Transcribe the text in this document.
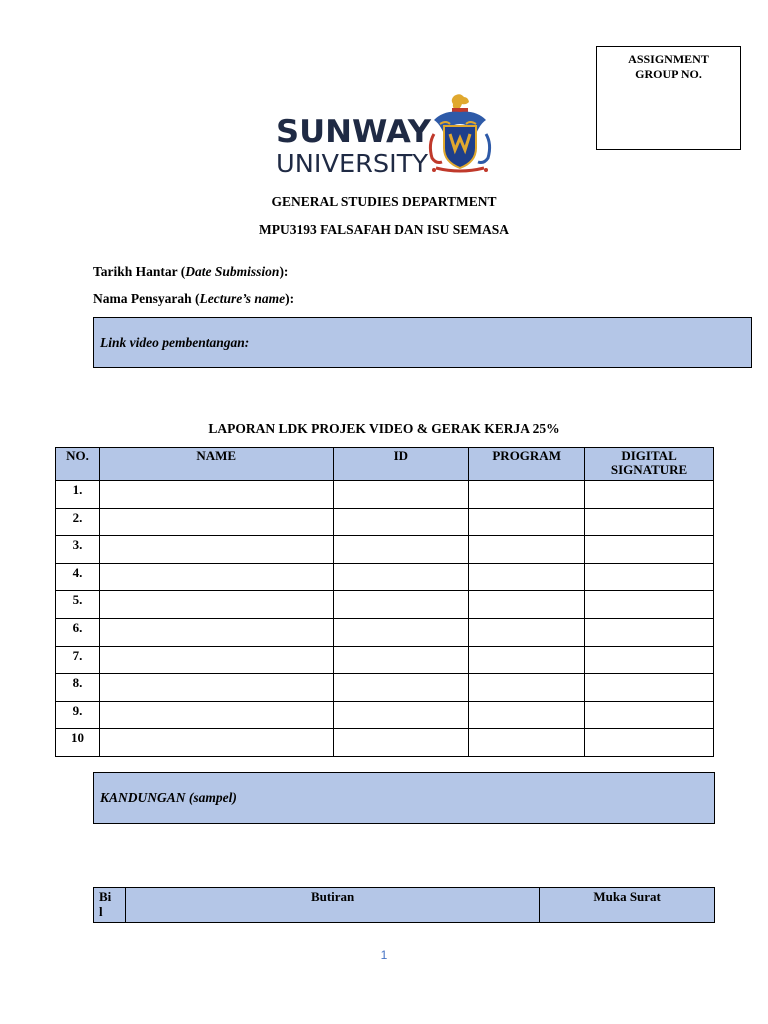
ASSIGNMENT
GROUP NO.
SUNWAY
UNIVERSITY
GENERAL STUDIES DEPARTMENT
MPU3193 FALSAFAH DAN ISU SEMASA
Tarikh Hantar (Date Submission):
Nama Pensyarah (Lecture’s name):
Link video pembentangan:
LAPORAN LDK PROJEK VIDEO & GERAK KERJA 25%
NO.	NAME	ID	PROGRAM	DIGITAL
SIGNATURE

1.				
2.				
3.				
4.				
5.				
6.				
7.				
8.				
9.				
10				
KANDUNGAN (sampel)
Bi
l
	Butiran	Muka Surat
1
